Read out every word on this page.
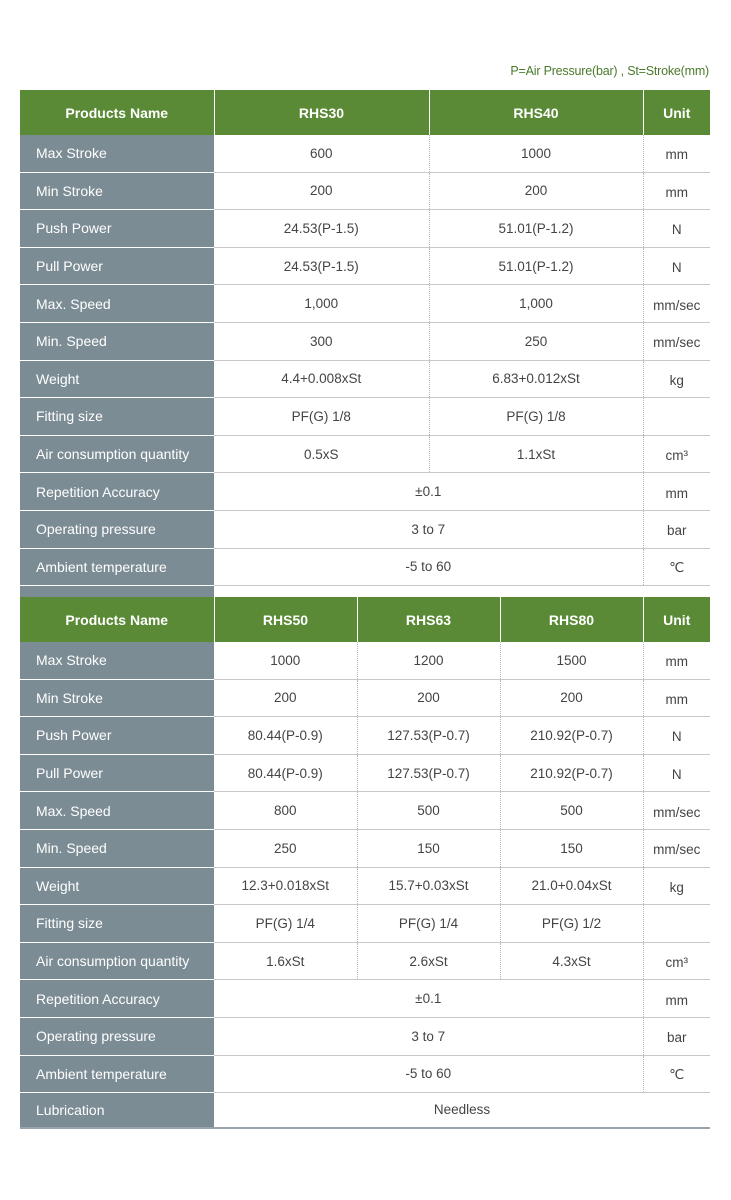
P=Air Pressure(bar) , St=Stroke(mm)
Products Name	RHS30	RHS40	Unit
Max Stroke	600	1000	mm
Min Stroke	200	200	mm
Push Power	24.53(P-1.5)	51.01(P-1.2)	N
Pull Power	24.53(P-1.5)	51.01(P-1.2)	N
Max. Speed	1,000	1,000	mm/sec
Min. Speed	300	250	mm/sec
Weight	4.4+0.008xSt	6.83+0.012xSt	kg
Fitting size	PF(G) 1/8	PF(G) 1/8	
Air consumption quantity	0.5xS	1.1xSt	cm³
Repetition Accuracy	±0.1		mm
Operating pressure	3 to 7		bar
Ambient temperature	-5 to 60		℃

Products Name	RHS50	RHS63	RHS80	Unit
Max Stroke	1000	1200	1500	mm
Min Stroke	200	200	200	mm
Push Power	80.44(P-0.9)	127.53(P-0.7)	210.92(P-0.7)	N
Pull Power	80.44(P-0.9)	127.53(P-0.7)	210.92(P-0.7)	N
Max. Speed	800	500	500	mm/sec
Min. Speed	250	150	150	mm/sec
Weight	12.3+0.018xSt	15.7+0.03xSt	21.0+0.04xSt	kg
Fitting size	PF(G) 1/4	PF(G) 1/4	PF(G) 1/2	
Air consumption quantity	1.6xSt	2.6xSt	4.3xSt	cm³
Repetition Accuracy	±0.1			mm
Operating pressure	3 to 7			bar
Ambient temperature	-5 to 60			℃
Lubrication	Needless			
